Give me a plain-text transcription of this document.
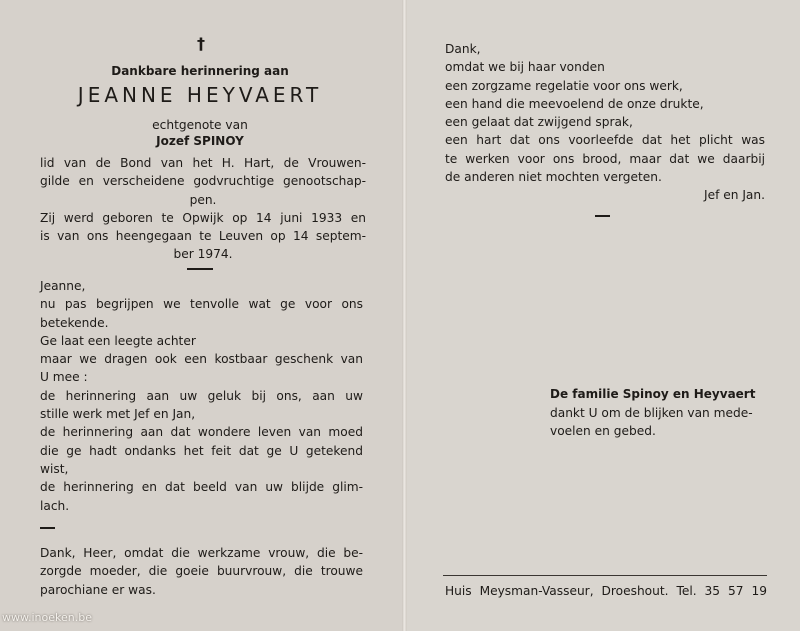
†
Dankbare herinnering aan
JEANNE HEYVAERT
echtgenote van
Jozef SPINOY
lid van de Bond van het H. Hart, de Vrouwen-
gilde en verscheidene godvruchtige genootschap-
pen.
Zij werd geboren te Opwijk op 14 juni 1933 en
is van ons heengegaan te Leuven op 14 septem-
ber 1974.
Jeanne,
nu pas begrijpen we tenvolle wat ge voor ons
betekende.
Ge laat een leegte achter
maar we dragen ook een kostbaar geschenk van
U mee :
de herinnering aan uw geluk bij ons, aan uw
stille werk met Jef en Jan,
de herinnering aan dat wondere leven van moed
die ge hadt ondanks het feit dat ge U getekend
wist,
de herinnering en dat beeld van uw blijde glim-
lach.
Dank, Heer, omdat die werkzame vrouw, die be-
zorgde moeder, die goeie buurvrouw, die trouwe
parochiane er was.
Dank,
omdat we bij haar vonden
een zorgzame regelatie voor ons werk,
een hand die meevoelend de onze drukte,
een gelaat dat zwijgend sprak,
een hart dat ons voorleefde dat het plicht was
te werken voor ons brood, maar dat we daarbij
de anderen niet mochten vergeten.
Jef en Jan.
De familie Spinoy en Heyvaert
dankt U om de blijken van mede-
voelen en gebed.
Huis Meysman-Vasseur, Droeshout. Tel. 35 57 19
www.inoeken.be
